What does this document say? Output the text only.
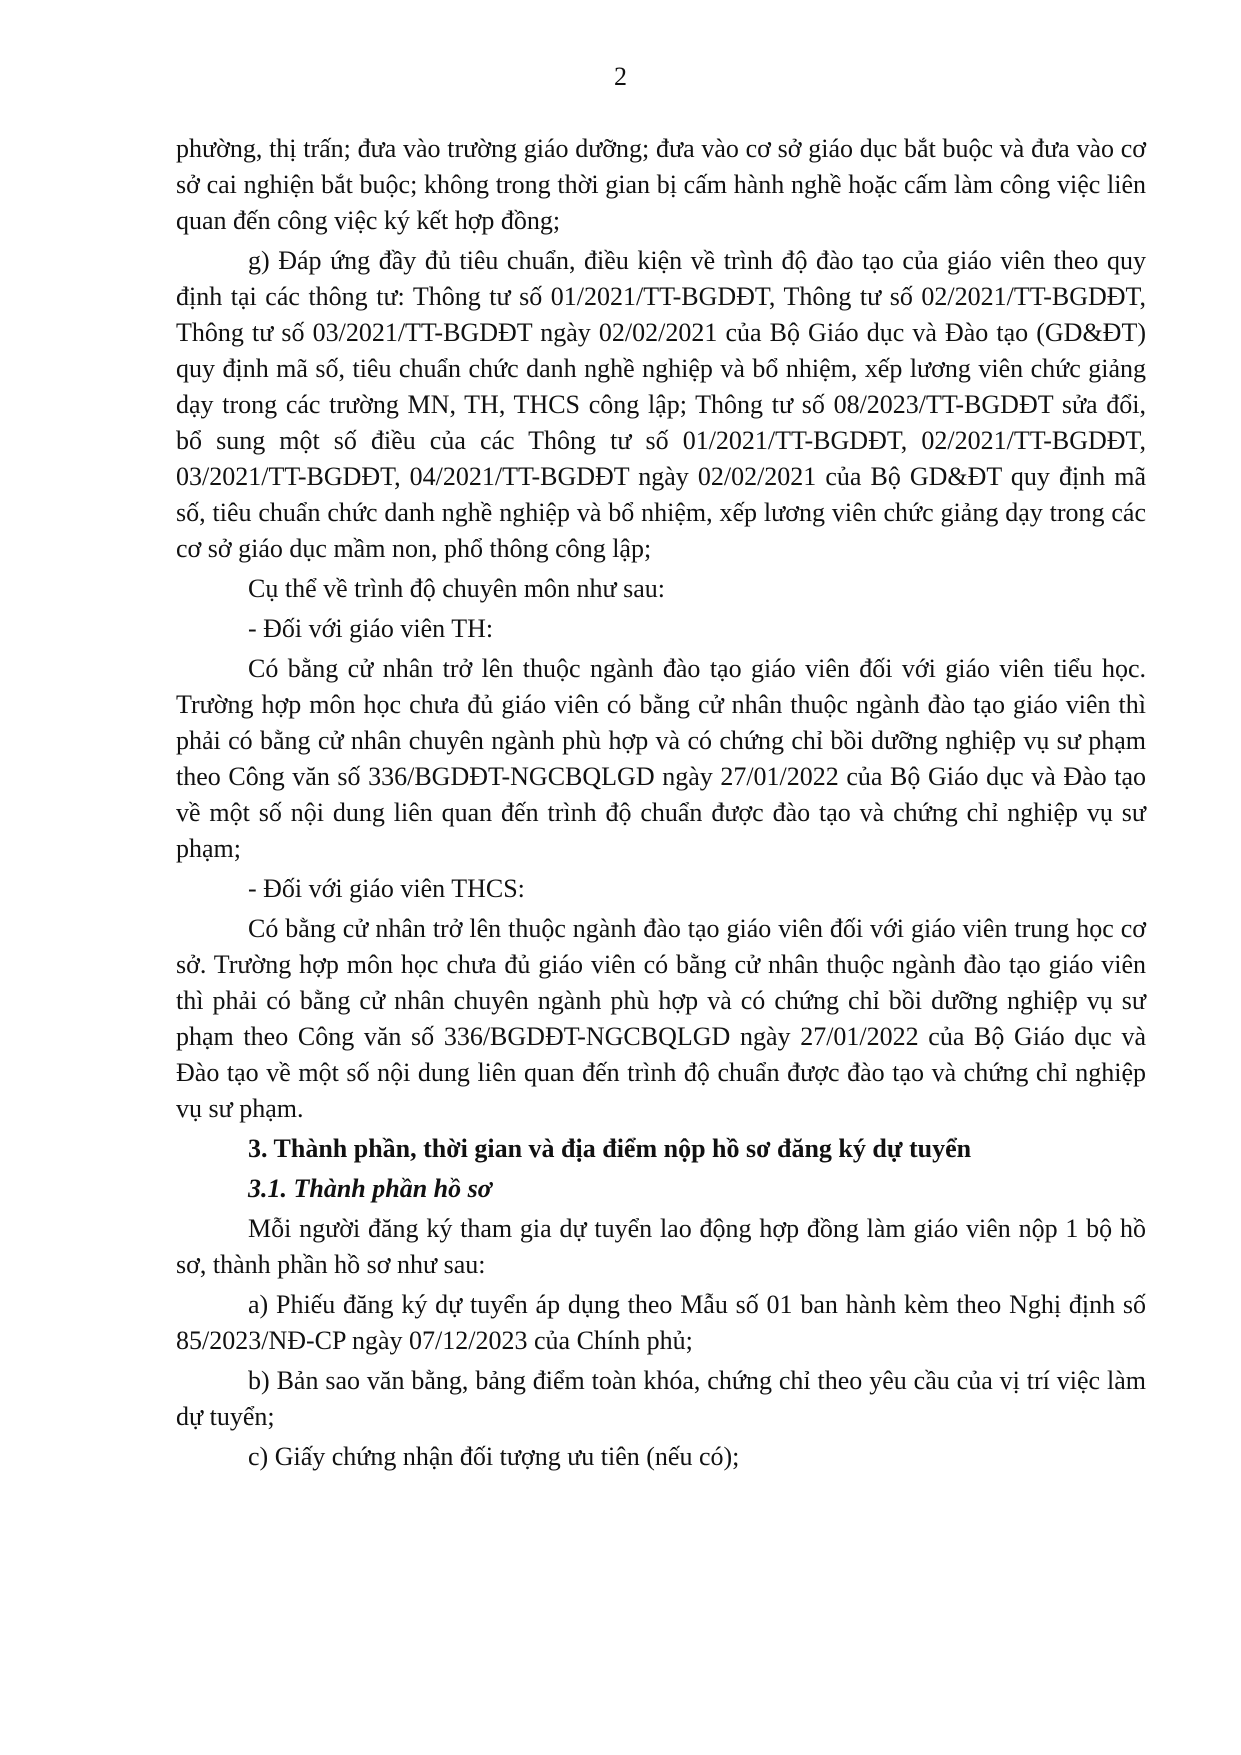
2

phường, thị trấn; đưa vào trường giáo dưỡng; đưa vào cơ sở giáo dục bắt buộc và đưa vào cơ sở cai nghiện bắt buộc; không trong thời gian bị cấm hành nghề hoặc cấm làm công việc liên quan đến công việc ký kết hợp đồng;

g) Đáp ứng đầy đủ tiêu chuẩn, điều kiện về trình độ đào tạo của giáo viên theo quy định tại các thông tư: Thông tư số 01/2021/TT-BGDĐT, Thông tư số 02/2021/TT-BGDĐT, Thông tư số 03/2021/TT-BGDĐT ngày 02/02/2021 của Bộ Giáo dục và Đào tạo (GD&ĐT) quy định mã số, tiêu chuẩn chức danh nghề nghiệp và bổ nhiệm, xếp lương viên chức giảng dạy trong các trường MN, TH, THCS công lập; Thông tư số 08/2023/TT-BGDĐT sửa đổi, bổ sung một số điều của các Thông tư số 01/2021/TT-BGDĐT, 02/2021/TT-BGDĐT, 03/2021/TT-BGDĐT, 04/2021/TT-BGDĐT ngày 02/02/2021 của Bộ GD&ĐT quy định mã số, tiêu chuẩn chức danh nghề nghiệp và bổ nhiệm, xếp lương viên chức giảng dạy trong các cơ sở giáo dục mầm non, phổ thông công lập;

Cụ thể về trình độ chuyên môn như sau:

- Đối với giáo viên TH:

Có bằng cử nhân trở lên thuộc ngành đào tạo giáo viên đối với giáo viên tiểu học. Trường hợp môn học chưa đủ giáo viên có bằng cử nhân thuộc ngành đào tạo giáo viên thì phải có bằng cử nhân chuyên ngành phù hợp và có chứng chỉ bồi dưỡng nghiệp vụ sư phạm theo Công văn số 336/BGDĐT-NGCBQLGD ngày 27/01/2022 của Bộ Giáo dục và Đào tạo về một số nội dung liên quan đến trình độ chuẩn được đào tạo và chứng chỉ nghiệp vụ sư phạm;

- Đối với giáo viên THCS:

Có bằng cử nhân trở lên thuộc ngành đào tạo giáo viên đối với giáo viên trung học cơ sở. Trường hợp môn học chưa đủ giáo viên có bằng cử nhân thuộc ngành đào tạo giáo viên thì phải có bằng cử nhân chuyên ngành phù hợp và có chứng chỉ bồi dưỡng nghiệp vụ sư phạm theo Công văn số 336/BGDĐT-NGCBQLGD ngày 27/01/2022 của Bộ Giáo dục và Đào tạo về một số nội dung liên quan đến trình độ chuẩn được đào tạo và chứng chỉ nghiệp vụ sư phạm.

3. Thành phần, thời gian và địa điểm nộp hồ sơ đăng ký dự tuyển

3.1. Thành phần hồ sơ

Mỗi người đăng ký tham gia dự tuyển lao động hợp đồng làm giáo viên nộp 1 bộ hồ sơ, thành phần hồ sơ như sau:

a) Phiếu đăng ký dự tuyển áp dụng theo Mẫu số 01 ban hành kèm theo Nghị định số 85/2023/NĐ-CP ngày 07/12/2023 của Chính phủ;

b) Bản sao văn bằng, bảng điểm toàn khóa, chứng chỉ theo yêu cầu của vị trí việc làm dự tuyển;

c) Giấy chứng nhận đối tượng ưu tiên (nếu có);
